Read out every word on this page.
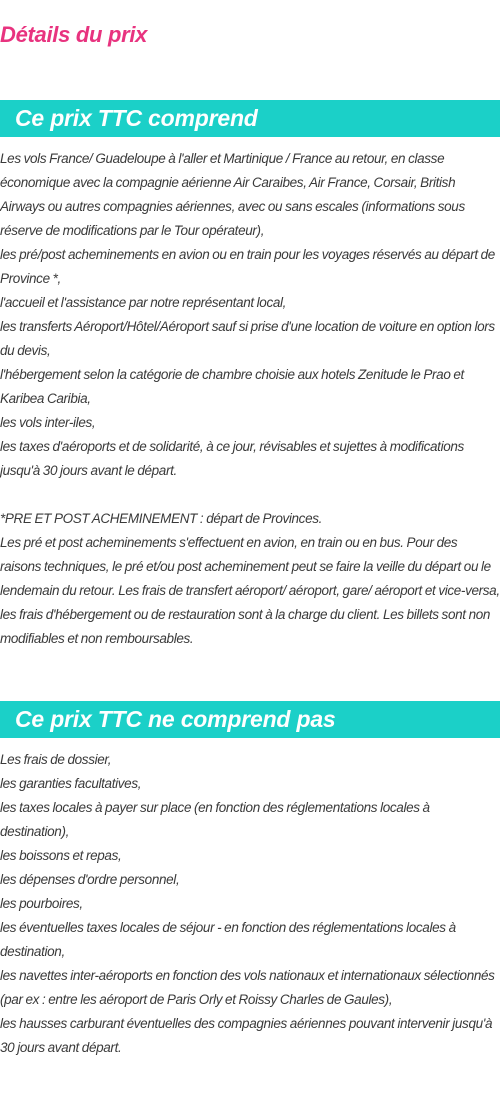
Détails du prix
Ce prix TTC comprend
Les vols France/ Guadeloupe à l'aller et Martinique / France au retour, en classe économique avec la compagnie aérienne Air Caraibes, Air France, Corsair, British Airways ou autres compagnies aériennes, avec ou sans escales (informations sous réserve de modifications par le Tour opérateur),
les pré/post acheminements en avion ou en train pour les voyages réservés au départ de Province *,
l'accueil et l'assistance par notre représentant local,
les transferts Aéroport/Hôtel/Aéroport sauf si prise d'une location de voiture en option lors du devis,
l'hébergement selon la catégorie de chambre choisie aux hotels Zenitude le Prao et Karibea Caribia,
les vols inter-iles,
les taxes d'aéroports et de solidarité, à ce jour, révisables et sujettes à modifications jusqu'à 30 jours avant le départ.
*PRE ET POST ACHEMINEMENT : départ de Provinces.
Les pré et post acheminements s'effectuent en avion, en train ou en bus. Pour des raisons techniques, le pré et/ou post acheminement peut se faire la veille du départ ou le lendemain du retour. Les frais de transfert aéroport/ aéroport, gare/ aéroport et vice-versa, les frais d'hébergement ou de restauration sont à la charge du client. Les billets sont non modifiables et non remboursables.
Ce prix TTC ne comprend pas
Les frais de dossier,
les garanties facultatives,
les taxes locales à payer sur place (en fonction des réglementations locales à destination),
les boissons et repas,
les dépenses d'ordre personnel,
les pourboires,
les éventuelles taxes locales de séjour - en fonction des réglementations locales à destination,
les navettes inter-aéroports en fonction des vols nationaux et internationaux sélectionnés (par ex : entre les aéroport de Paris Orly et Roissy Charles de Gaules),
les hausses carburant éventuelles des compagnies aériennes pouvant intervenir jusqu'à 30 jours avant départ.
